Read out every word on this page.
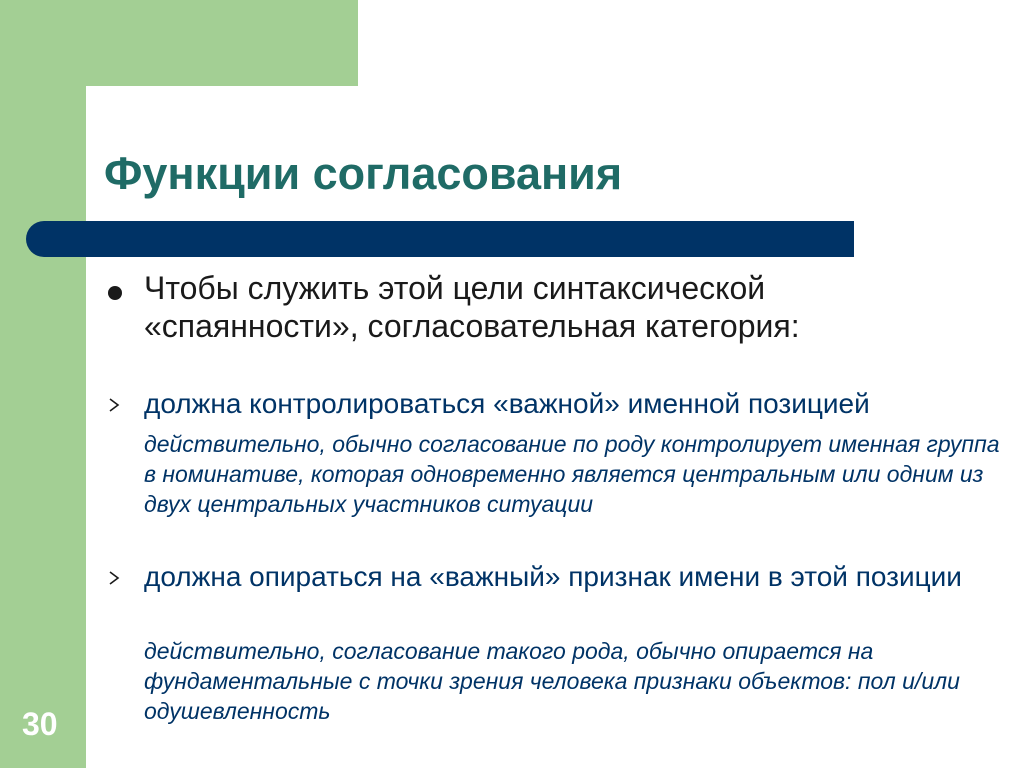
Функции согласования
Чтобы служить этой цели синтаксической «спаянности», согласовательная категория:
должна контролироваться «важной» именной позицией
действительно, обычно согласование по роду контролирует именная группа в номинативе, которая одновременно является центральным или одним из двух центральных участников ситуации
должна опираться на «важный» признак имени в этой позиции
действительно, согласование такого рода, обычно опирается на фундаментальные с точки зрения человека признаки объектов: пол и/или одушевленность
30
